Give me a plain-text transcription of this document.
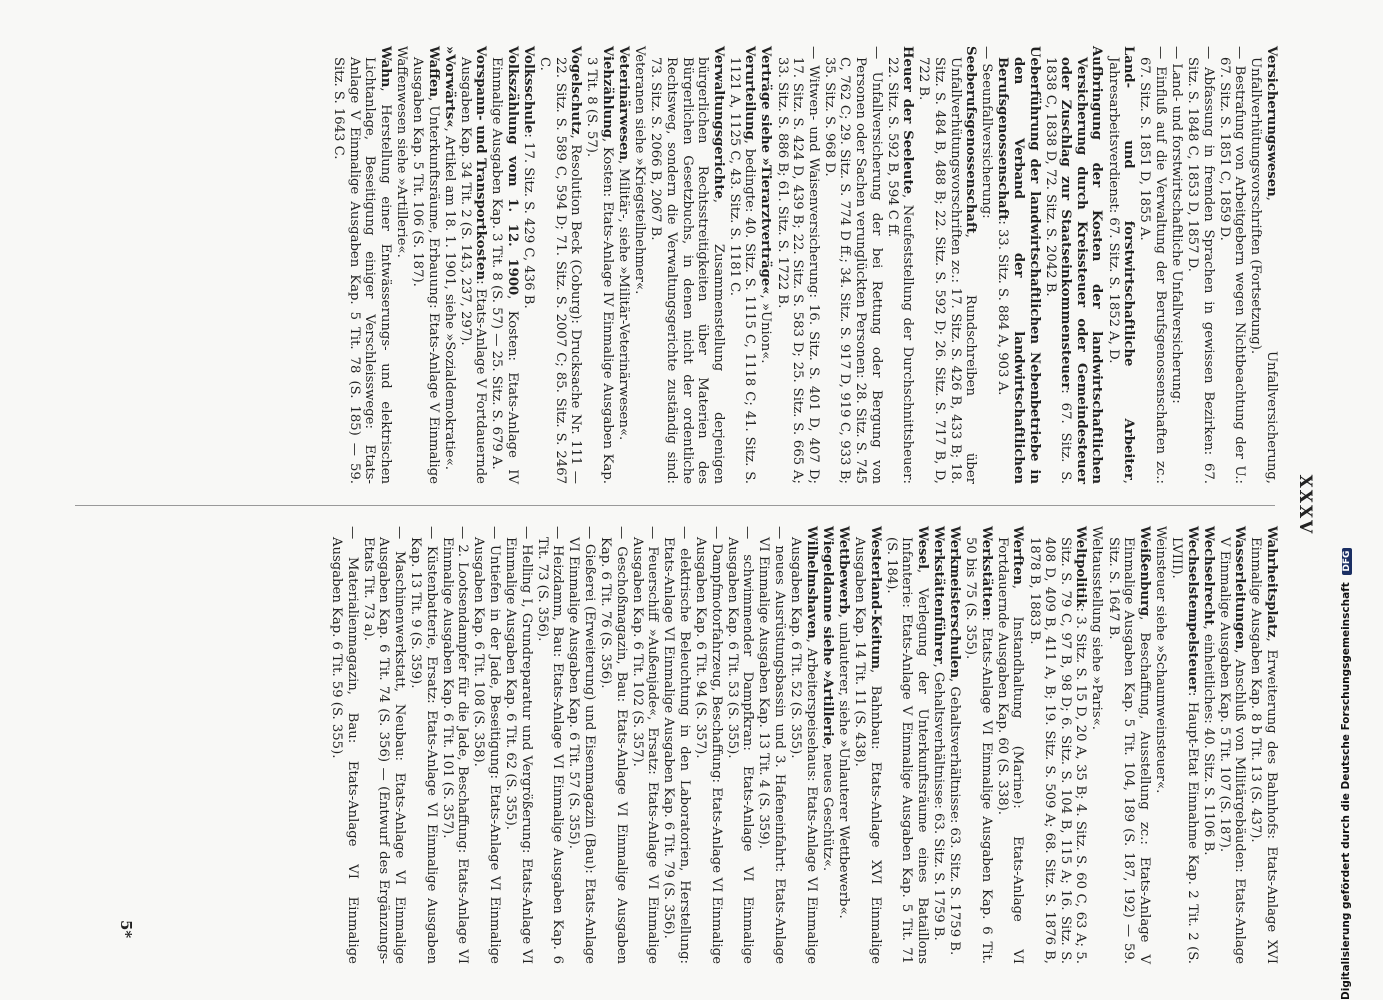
XXXV
Versicherungswesen, Unfallversicherung, Unfallverhütungsvorschriften (Fortsetzung).
— Bestrafung von Arbeitgebern wegen Nichtbeachtung der U.: 67. Sitz. S. 1851 C, 1859 D.
— Abfassung in fremden Sprachen in gewissen Bezirken: 67. Sitz. S. 1848 C, 1853 D, 1857 D.
— Land- und forstwirtschaftliche Unfallversicherung:
— Einfluß auf die Verwaltung der Berufsgenossenschaften zc.: 67. Sitz. S. 1851 D, 1855 A.
Land- und forstwirtschaftliche Arbeiter, Jahresarbeitsverdienst: 67. Sitz. S. 1852 A, D.
Aufbringung der Kosten der landwirtschaftlichen Versicherung durch Kreissteuer oder Gemeindesteuer oder Zuschlag zur Staatseinkommensteuer: 67. Sitz. S. 1838 C, 1838 D, 72. Sitz. S. 2042 B.
Ueberführung der landwirtschaftlichen Nebenbetriebe in den Verband der landwirtschaftlichen Berufsgenossenschaft: 33. Sitz. S. 884 A, 903 A.
— Seeunfallversicherung:
Seeberufsgenossenschaft, Rundschreiben über Unfallverhütungsvorschriften zc.: 17. Sitz. S. 426 B, 433 B; 18. Sitz. S. 484 B, 488 B; 22. Sitz. S. 592 D; 26. Sitz. S. 717 B, D, 722 B.
Heuer der Seeleute, Neufeststellung der Durchschnittsheuer: 22. Sitz. S. 592 B, 594 C ff.
— Unfallversicherung der bei Rettung oder Bergung von Personen oder Sachen verunglückten Personen: 28. Sitz. S. 745 C, 762 C; 29. Sitz. S. 774 D ff.; 34. Sitz. S. 917 D, 919 C, 933 B; 35. Sitz. S. 968 D.
— Witwen- und Waisenversicherung: 16. Sitz. S. 401 D, 407 D; 17. Sitz. S. 424 D, 439 B; 22. Sitz. S. 583 D; 25. Sitz. S. 665 A; 33. Sitz. S. 886 B; 61. Sitz. S. 1722 B.
Verträge siehe »Tierarztverträge«, »Union«.
Verurteilung, bedingte: 40. Sitz. S. 1115 C, 1118 C; 41. Sitz. S. 1121 A, 1125 C, 43. Sitz. S. 1181 C.
Verwaltungsgerichte, Zusammenstellung derjenigen bürgerlichen Rechtsstreitigkeiten über Materien des Bürgerlichen Gesetzbuchs, in denen nicht der ordentliche Rechtsweg, sondern die Verwaltungsgerichte zuständig sind: 73. Sitz. S. 2066 B, 2067 B.
Veteranen siehe »Kriegsteilnehmer«.
Veterinärwesen, Militär-, siehe »Militär-Veterinärwesen«.
Viehzählung, Kosten: Etats-Anlage IV Einmalige Ausgaben Kap. 3 Tit. 8 (S. 57).
Vogelschutz, Resolution Beck (Coburg): Drucksache Nr. 111 — 22. Sitz. S. 589 C, 594 D; 71. Sitz. S. 2007 C; 85. Sitz. S. 2467 C.
Volksschule: 17. Sitz. S. 429 C, 436 B.
Volkszählung vom 1. 12. 1900, Kosten: Etats-Anlage IV Einmalige Ausgaben Kap. 3 Tit. 8 (S. 57) — 25. Sitz. S. 679 A.
Vorspann- und Transportkosten: Etats-Anlage V Fortdauernde Ausgaben Kap. 34 Tit. 2 (S. 143, 237, 297).
»Vorwärts«, Artikel am 18. 1. 1901, siehe »Sozialdemokratie«.
Waffen, Unterkunftsräume, Erbauung: Etats-Anlage V Einmalige Ausgaben Kap. 5 Tit. 106 (S. 187).
Waffenwesen siehe »Artillerie«.
Wahn, Herstellung einer Entwässerungs- und elektrischen Lichtanlage, Beseitigung einiger Verschleisswege: Etats-Anlage V Einmalige Ausgaben Kap. 5 Tit. 78 (S. 185) — 59. Sitz. S. 1643 C.
Wahrheitsplatz, Erweiterung des Bahnhofs: Etats-Anlage XVI Einmalige Ausgaben Kap. 8 b Tit. 13 (S. 437).
Wasserleitungen, Anschluß von Militärgebäuden: Etats-Anlage V Einmalige Ausgaben Kap. 5 Tit. 107 (S. 187).
Wechselrecht, einheitliches: 40. Sitz. S. 1106 B.
Wechselstempelsteuer: Haupt-Etat Einnahme Kap. 2 Tit. 2 (S. LVIII).
Weinsteuer siehe »Schaumweinsteuer«.
Weißenburg, Beschaffung, Ausstellung zc.: Etats-Anlage V Einmalige Ausgaben Kap. 5 Tit. 104, 189 (S. 187, 192) — 59. Sitz. S. 1647 B.
Weltausstellung siehe »Paris«.
Weltpolitik: 3. Sitz. S. 15 D, 20 A, 35 B; 4. Sitz. S. 60 C, 63 A; 5. Sitz. S. 79 C, 97 B, 98 D; 6. Sitz. S. 104 B, 115 A; 16. Sitz. S. 408 D, 409 B, 411 A, B; 19. Sitz. S. 509 A; 68. Sitz. S. 1876 B, 1878 B, 1883 B.
Werften, Instandhaltung (Marine): Etats-Anlage VI Fortdauernde Ausgaben Kap. 60 (S. 338).
Werkstätten: Etats-Anlage VI Einmalige Ausgaben Kap. 6 Tit. 50 bis 75 (S. 355).
Werkmeisterschulen, Gehaltsverhältnisse: 63. Sitz. S. 1759 B.
Werkstättenführer, Gehaltsverhältnisse: 63. Sitz. S. 1759 B.
Wesel, Verlegung der Unterkunftsräume eines Bataillons Infanterie: Etats-Anlage V Einmalige Ausgaben Kap. 5 Tit. 71 (S. 184).
Westerland-Keitum, Bahnbau: Etats-Anlage XVI Einmalige Ausgaben Kap. 14 Tit. 11 (S. 438).
Wettbewerb, unlauterer, siehe »Unlauterer Wettbewerb«.
Wiegeldanne siehe »Artillerie, neues Geschütz«.
Wilhelmshaven, Arbeiterspeisehaus: Etats-Anlage VI Einmalige Ausgaben Kap. 6 Tit. 52 (S. 355).
— neues Ausrüstungsbassin und 3. Hafeneinfahrt: Etats-Anlage VI Einmalige Ausgaben Kap. 13 Tit. 4 (S. 359).
— schwimmender Dampfkran: Etats-Anlage VI Einmalige Ausgaben Kap. 6 Tit. 53 (S. 355).
— Dampfmotorfahrzeug, Beschaffung: Etats-Anlage VI Einmalige Ausgaben Kap. 6 Tit. 94 (S. 357).
— elektrische Beleuchtung in den Laboratorien, Herstellung: Etats-Anlage VI Einmalige Ausgaben Kap. 6 Tit. 79 (S. 356).
— Feuerschiff »Außenjade«, Ersatz: Etats-Anlage VI Einmalige Ausgaben Kap. 6 Tit. 102 (S. 357).
— Geschoßmagazin, Bau: Etats-Anlage VI Einmalige Ausgaben Kap. 6 Tit. 76 (S. 356).
— Gießerei (Erweiterung) und Eisenmagazin (Bau): Etats-Anlage VI Einmalige Ausgaben Kap. 6 Tit. 57 (S. 355).
— Heizdamm, Bau: Etats-Anlage VI Einmalige Ausgaben Kap. 6 Tit. 73 (S. 356).
— Helling I, Grundreparatur und Vergrößerung: Etats-Anlage VI Einmalige Ausgaben Kap. 6 Tit. 62 (S. 355).
— Untiefen in der Jade, Beseitigung: Etats-Anlage VI Einmalige Ausgaben Kap. 6 Tit. 108 (S. 358).
— 2. Lootsendampfer für die Jade, Beschaffung: Etats-Anlage VI Einmalige Ausgaben Kap. 6 Tit. 101 (S. 357).
— Küstenbatterie, Ersatz: Etats-Anlage VI Einmalige Ausgaben Kap. 13 Tit. 9 (S. 359).
— Maschinenwerkstatt, Neubau: Etats-Anlage VI Einmalige Ausgaben Kap. 6 Tit. 74 (S. 356) — (Entwurf des Ergänzungs-Etats Tit. 73 a).
— Materialienmagazin, Bau: Etats-Anlage VI Einmalige Ausgaben Kap. 6 Tit. 59 (S. 355).
5*	Digitalisierung gefördert durch die Deutsche Forschungsgemeinschaft DFG
